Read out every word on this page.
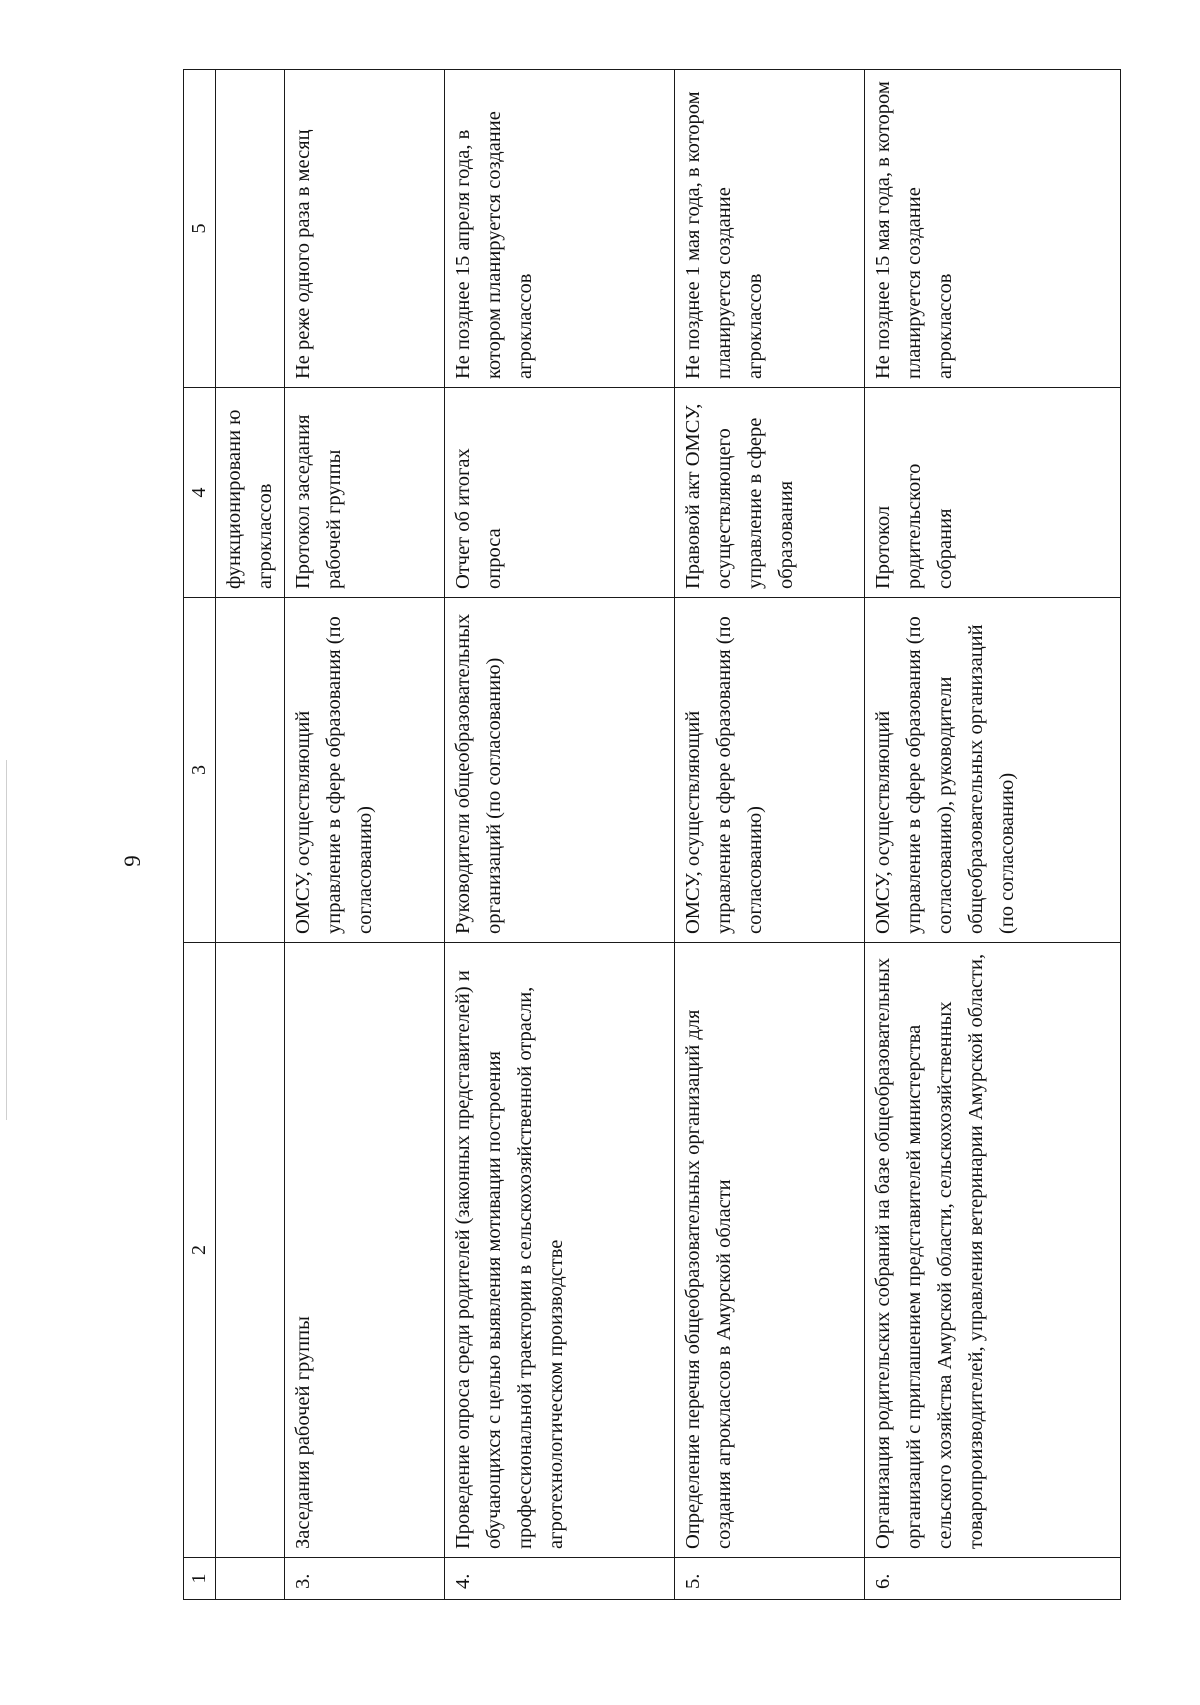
9
1	2	3	4	5
			функционировани ю агроклассов	
3.	Заседания рабочей группы	ОМСУ, осуществляющий управление в сфере образования (по согласованию)	Протокол заседания рабочей группы	Не реже одного раза в месяц
4.	Проведение опроса среди родителей (законных представителей) и обучающихся с целью выявления мотивации построения профессиональной траектории в сельскохозяйственной отрасли, агротехнологическом производстве	Руководители общеобразовательных организаций (по согласованию)	Отчет об итогах опроса	Не позднее 15 апреля года, в котором планируется создание агроклассов
5.	Определение перечня общеобразовательных организаций для создания агроклассов в Амурской области	ОМСУ, осуществляющий управление в сфере образования (по согласованию)	Правовой акт ОМСУ, осуществляющего управление в сфере образования	Не позднее 1 мая года, в котором планируется создание агроклассов
6.	Организация родительских собраний на базе общеобразовательных организаций с приглашением представителей министерства сельского хозяйства Амурской области, сельскохозяйственных товаропроизводителей, управления ветеринарии Амурской области,	ОМСУ, осуществляющий управление в сфере образования (по согласованию), руководители общеобразовательных организаций (по согласованию)	Протокол родительского собрания	Не позднее 15 мая года, в котором планируется создание агроклассов
